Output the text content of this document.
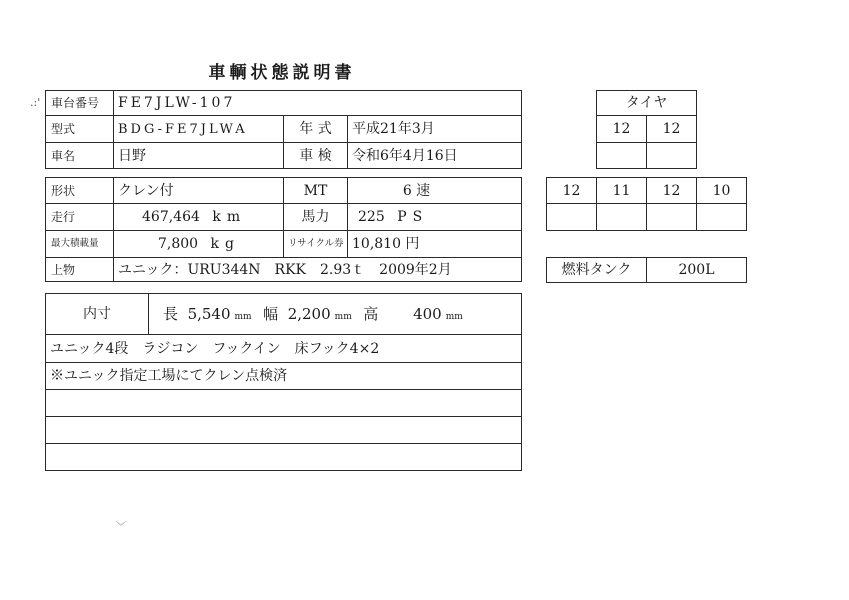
車輌状態説明書
車台番号	FE7JLW-107		
型式	BDG-FE7JLWA	年 式	平成21年3月
車名	日野	車 検	令和6年4月16日
形状	クレン付	MT	6 速
走行	467,464 km	馬力	225 PS
最大積載量	7,800 kg	リサイクル券	10,810 円
上物	ユニック：URU344N　RKK　2.93ｔ　2009年2月		
内寸	長 5,540 mm 幅 2,200 mm 高 400 mm
ユニック4段　ラジコン　フックイン　床フック4×2
※ユニック指定工場にてクレン点検済

タイヤ	
12	12

12	11	12	10

燃料タンク	200L
.:'
﹀
